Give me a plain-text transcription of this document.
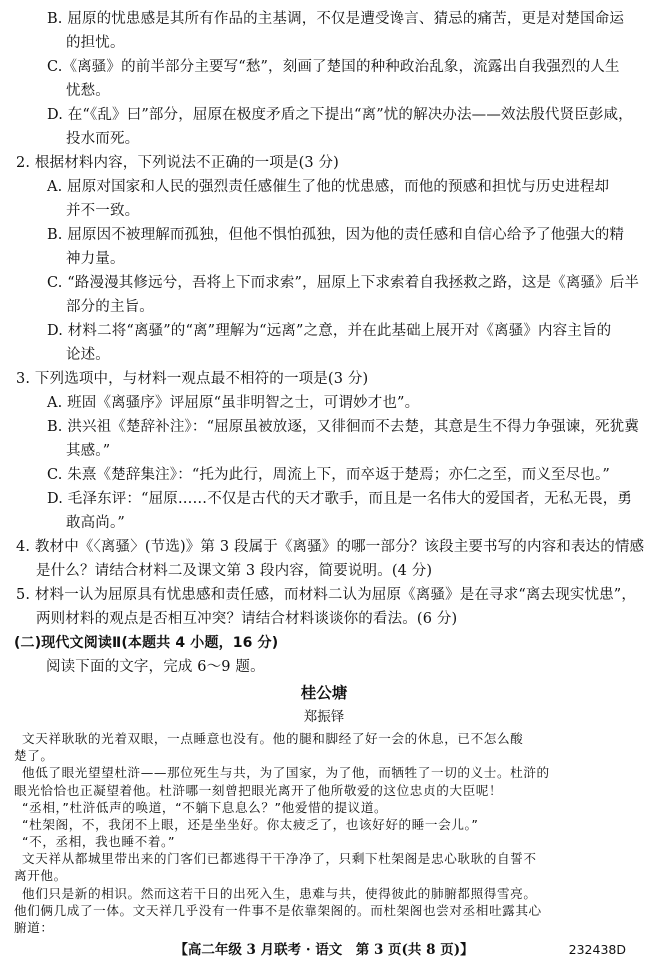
B. 屈原的忧患感是其所有作品的主基调，不仅是遭受谗言、猜忌的痛苦，更是对楚国命运
的担忧。
C.《离骚》的前半部分主要写“愁”，刻画了楚国的种种政治乱象，流露出自我强烈的人生
忧愁。
D. 在“《乱》曰”部分，屈原在极度矛盾之下提出“离”忧的解决办法——效法殷代贤臣彭咸，
投水而死。
2. 根据材料内容，下列说法不正确的一项是(3 分)
A. 屈原对国家和人民的强烈责任感催生了他的忧患感，而他的预感和担忧与历史进程却
并不一致。
B. 屈原因不被理解而孤独，但他不惧怕孤独，因为他的责任感和自信心给予了他强大的精
神力量。
C. “路漫漫其修远兮，吾将上下而求索”，屈原上下求索着自我拯救之路，这是《离骚》后半
部分的主旨。
D. 材料二将“离骚”的“离”理解为“远离”之意，并在此基础上展开对《离骚》内容主旨的
论述。
3. 下列选项中，与材料一观点最不相符的一项是(3 分)
A. 班固《离骚序》评屈原“虽非明智之士，可谓妙才也”。
B. 洪兴祖《楚辞补注》：“屈原虽被放逐，又徘徊而不去楚，其意是生不得力争强谏，死犹冀
其感。”
C. 朱熹《楚辞集注》：“托为此行，周流上下，而卒返于楚焉；亦仁之至，而义至尽也。”
D. 毛泽东评：“屈原……不仅是古代的天才歌手，而且是一名伟大的爱国者，无私无畏，勇
敢高尚。”
4. 教材中《〈离骚〉(节选)》第 3 段属于《离骚》的哪一部分？该段主要书写的内容和表达的情感
是什么？请结合材料二及课文第 3 段内容，简要说明。(4 分)
5. 材料一认为屈原具有忧患感和责任感，而材料二认为屈原《离骚》是在寻求“离去现实忧患”，
两则材料的观点是否相互冲突？请结合材料谈谈你的看法。(6 分)
(二)现代文阅读Ⅱ(本题共 4 小题，16 分)
阅读下面的文字，完成 6～9 题。
桂公塘
郑振铎
文天祥耿耿的光着双眼，一点睡意也没有。他的腿和脚经了好一会的休息，已不怎么酸
楚了。
他低了眼光望望杜浒——那位死生与共，为了国家，为了他，而牺牲了一切的义士。杜浒的
眼光恰恰也正凝望着他。杜浒哪一刻曾把眼光离开了他所敬爱的这位忠贞的大臣呢！
“丞相，”杜浒低声的唤道，“不躺下息息么？”他爱惜的提议道。
“杜架阁，不，我闭不上眼，还是坐坐好。你太疲乏了，也该好好的睡一会儿。”
“不，丞相，我也睡不着。”
文天祥从都城里带出来的门客们已都逃得干干净净了，只剩下杜架阁是忠心耿耿的自誓不
【高二年级 3 月联考 · 语文　第 3 页(共 8 页)】	232438D
离开他。
他们只是新的相识。然而这若干日的出死入生，患难与共，使得彼此的肺腑都照得雪亮。
他们俩几成了一体。文天祥几乎没有一件事不是依靠架阁的。而杜架阁也尝对丞相吐露其心
腑道：
